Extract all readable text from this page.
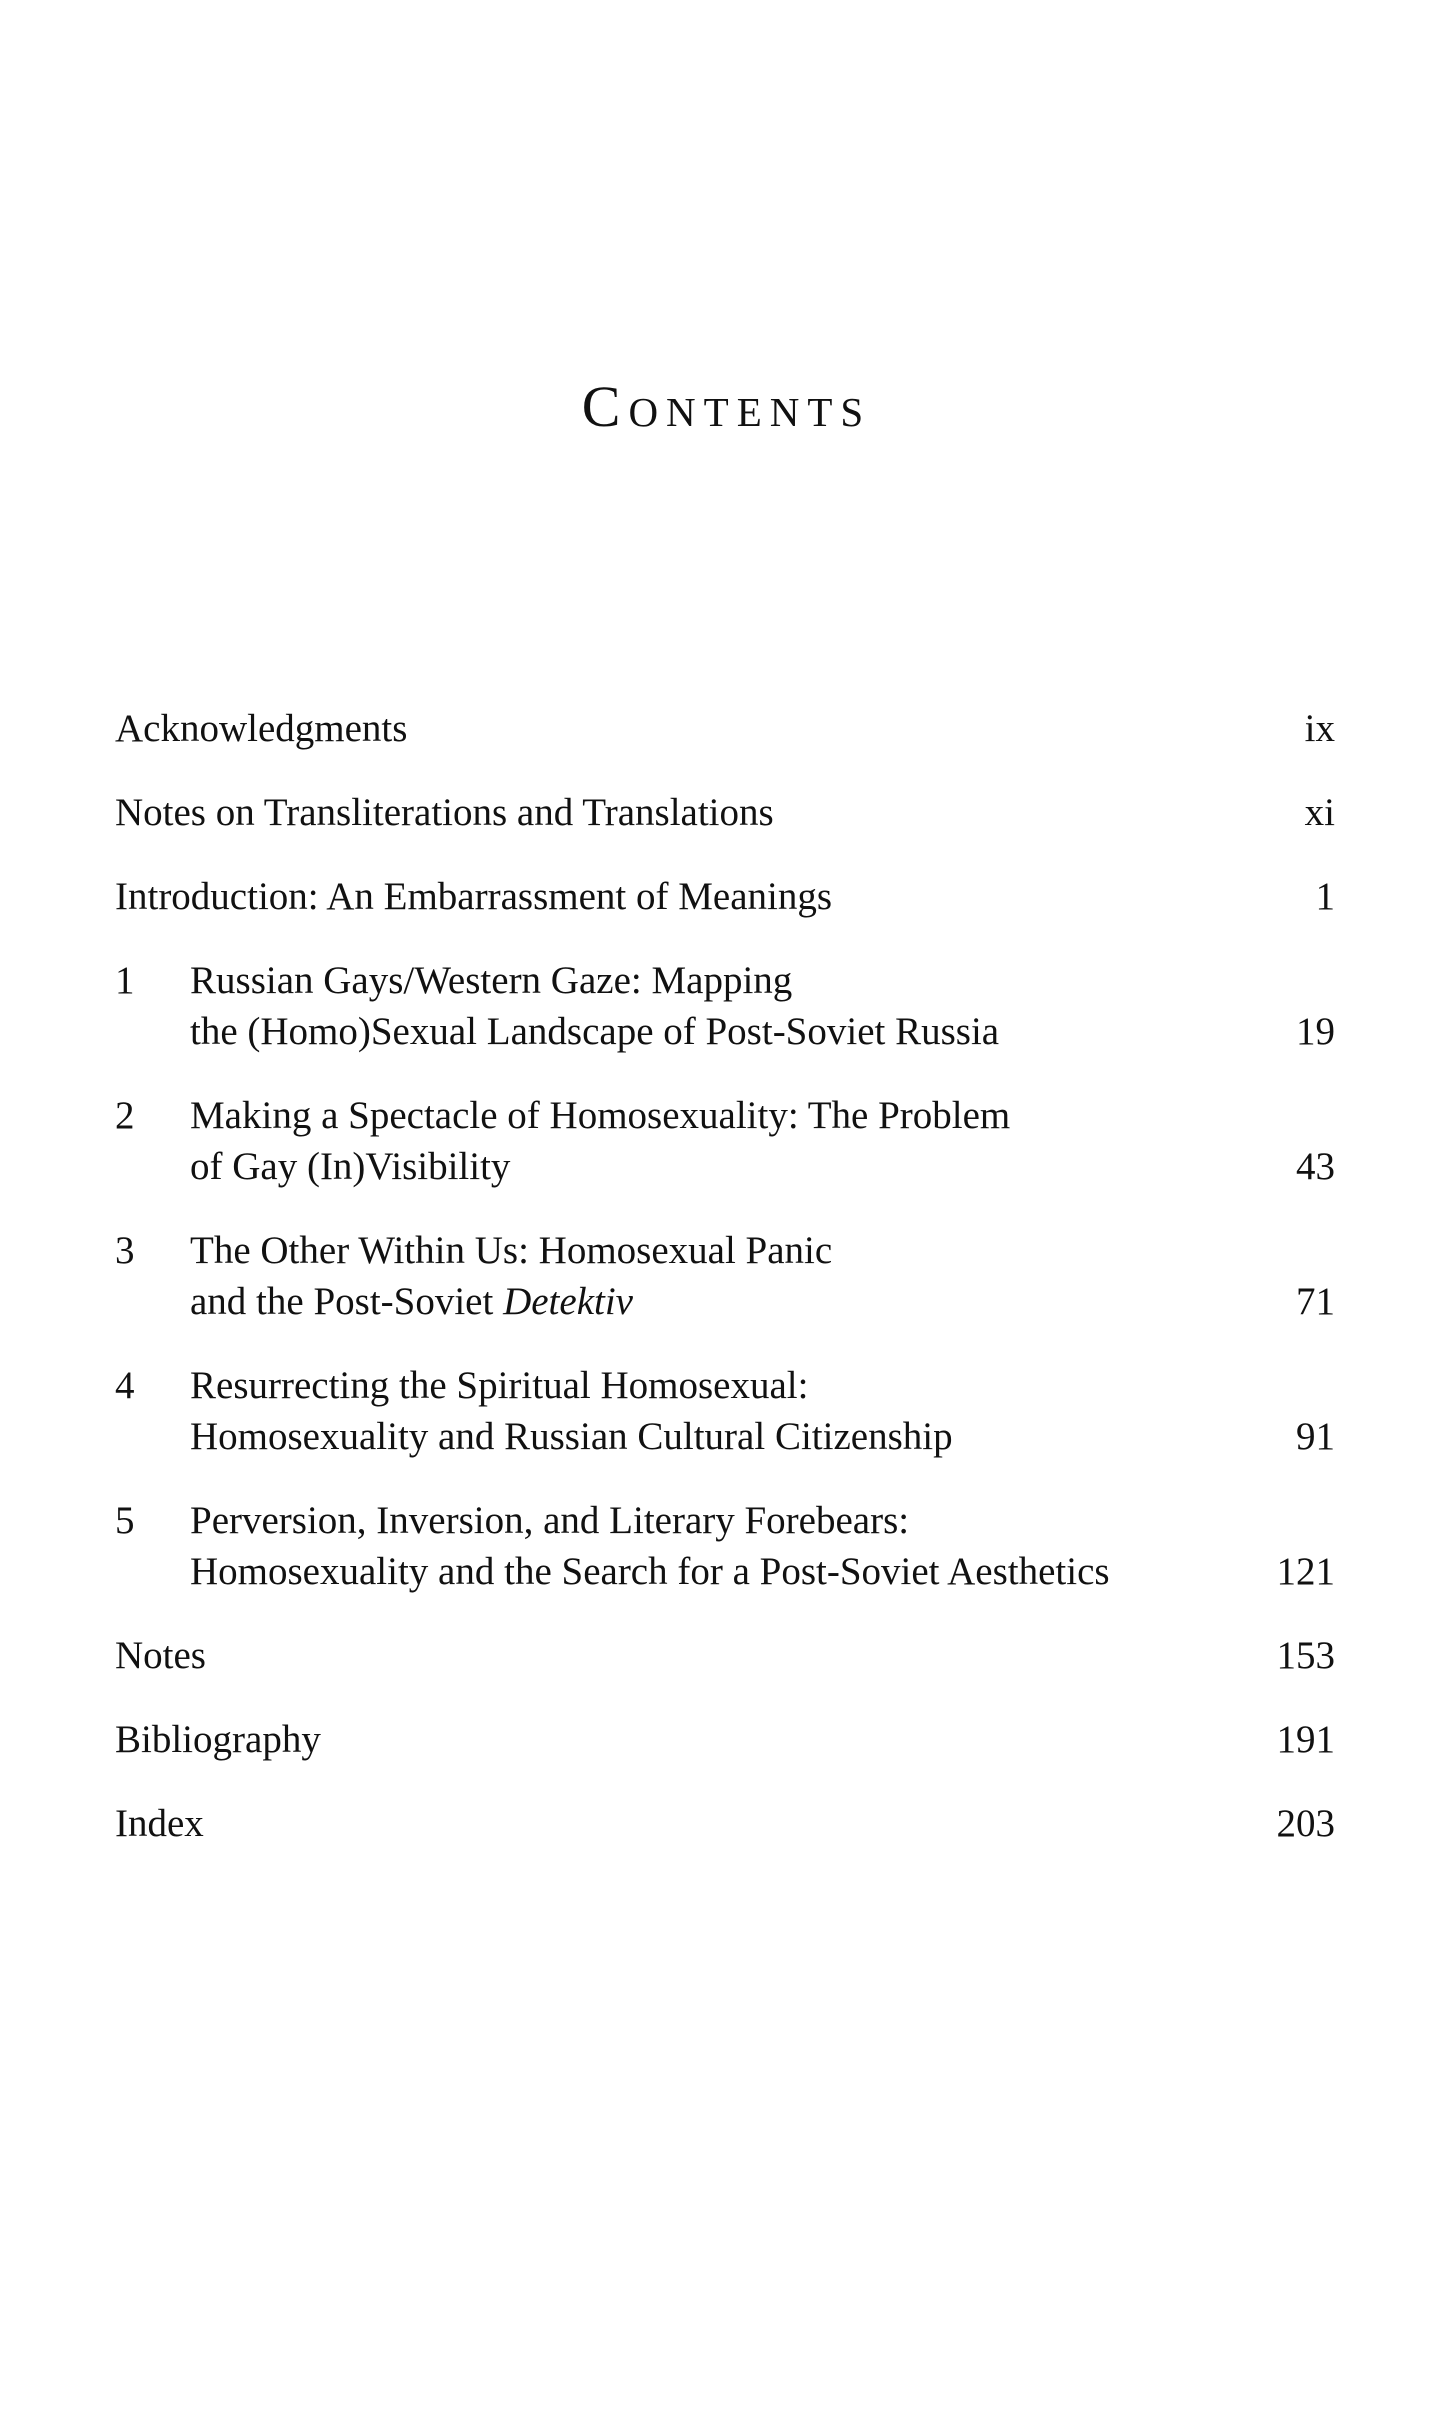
Contents
Acknowledgments	ix
Notes on Transliterations and Translations	xi
Introduction: An Embarrassment of Meanings	1
1	Russian Gays/Western Gaze: Mapping
the (Homo)Sexual Landscape of Post-Soviet Russia	19
2	Making a Spectacle of Homosexuality: The Problem
of Gay (In)Visibility	43
3	The Other Within Us: Homosexual Panic
and the Post-Soviet Detektiv	71
4	Resurrecting the Spiritual Homosexual:
Homosexuality and Russian Cultural Citizenship	91
5	Perversion, Inversion, and Literary Forebears:
Homosexuality and the Search for a Post-Soviet Aesthetics	121
Notes	153
Bibliography	191
Index	203
